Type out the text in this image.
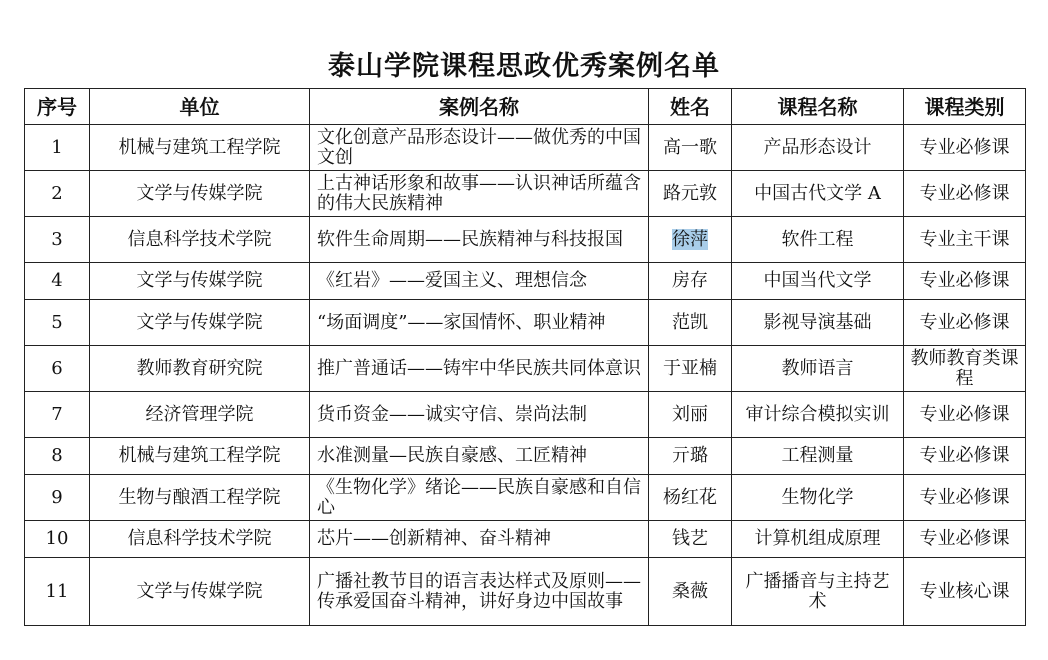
泰山学院课程思政优秀案例名单
序号	单位	案例名称	姓名	课程名称	课程类别
1	机械与建筑工程学院	文化创意产品形态设计——做优秀的中国文创	高一歌	产品形态设计	专业必修课
2	文学与传媒学院	上古神话形象和故事——认识神话所蕴含的伟大民族精神	路元敦	中国古代文学 A	专业必修课
3	信息科学技术学院	软件生命周期——民族精神与科技报国	徐萍	软件工程	专业主干课
4	文学与传媒学院	《红岩》——爱国主义、理想信念	房存	中国当代文学	专业必修课
5	文学与传媒学院	“场面调度”——家国情怀、职业精神	范凯	影视导演基础	专业必修课
6	教师教育研究院	推广普通话——铸牢中华民族共同体意识	于亚楠	教师语言	教师教育类课程
7	经济管理学院	货币资金——诚实守信、崇尚法制	刘丽	审计综合模拟实训	专业必修课
8	机械与建筑工程学院	水准测量—民族自豪感、工匠精神	亓璐	工程测量	专业必修课
9	生物与酿酒工程学院	《生物化学》绪论——民族自豪感和自信心	杨红花	生物化学	专业必修课
10	信息科学技术学院	芯片——创新精神、奋斗精神	钱艺	计算机组成原理	专业必修课
11	文学与传媒学院	广播社教节目的语言表达样式及原则——传承爱国奋斗精神，讲好身边中国故事	桑薇	广播播音与主持艺术	专业核心课
